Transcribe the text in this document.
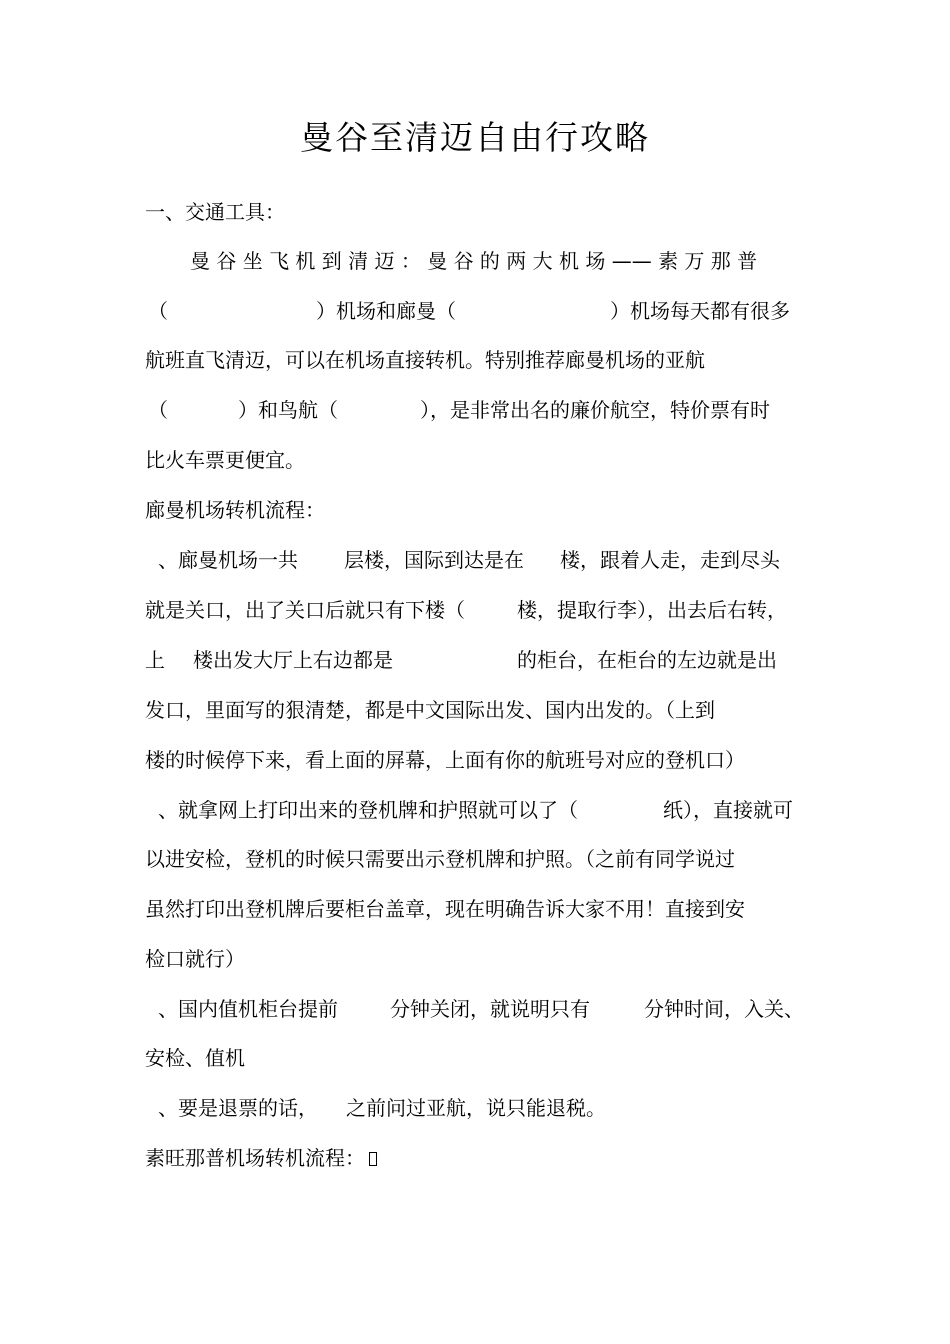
曼谷至清迈自由行攻略
一、交通工具：
曼 谷 坐 飞 机 到 清 迈 ： 曼 谷 的 两 大 机 场 —— 素 万 那 普
（	）机场和廊曼（	）机场每天都有很多
航班直飞清迈，可以在机场直接转机。特别推荐廊曼机场的亚航
（	）和鸟航（	），是非常出名的廉价航空，特价票有时
比火车票更便宜。
廊曼机场转机流程：
、廊曼机场一共 层楼，国际到达是在 楼，跟着人走，走到尽头
就是关口，出了关口后就只有下楼（	楼，提取行李），出去后右转，
上 楼出发大厅上右边都是	的柜台，在柜台的左边就是出
发口，里面写的狠清楚，都是中文国际出发、国内出发的。（上到
楼的时候停下来，看上面的屏幕，上面有你的航班号对应的登机口）
、就拿网上打印出来的登机牌和护照就可以了（	纸），直接就可
以进安检，登机的时候只需要出示登机牌和护照。（之前有同学说过
虽然打印出登机牌后要柜台盖章，现在明确告诉大家不用！直接到安
检口就行）
、国内值机柜台提前	分钟关闭，就说明只有	分钟时间，入关、
安检、值机
、要是退票的话， 之前问过亚航，说只能退税。
素旺那普机场转机流程：
